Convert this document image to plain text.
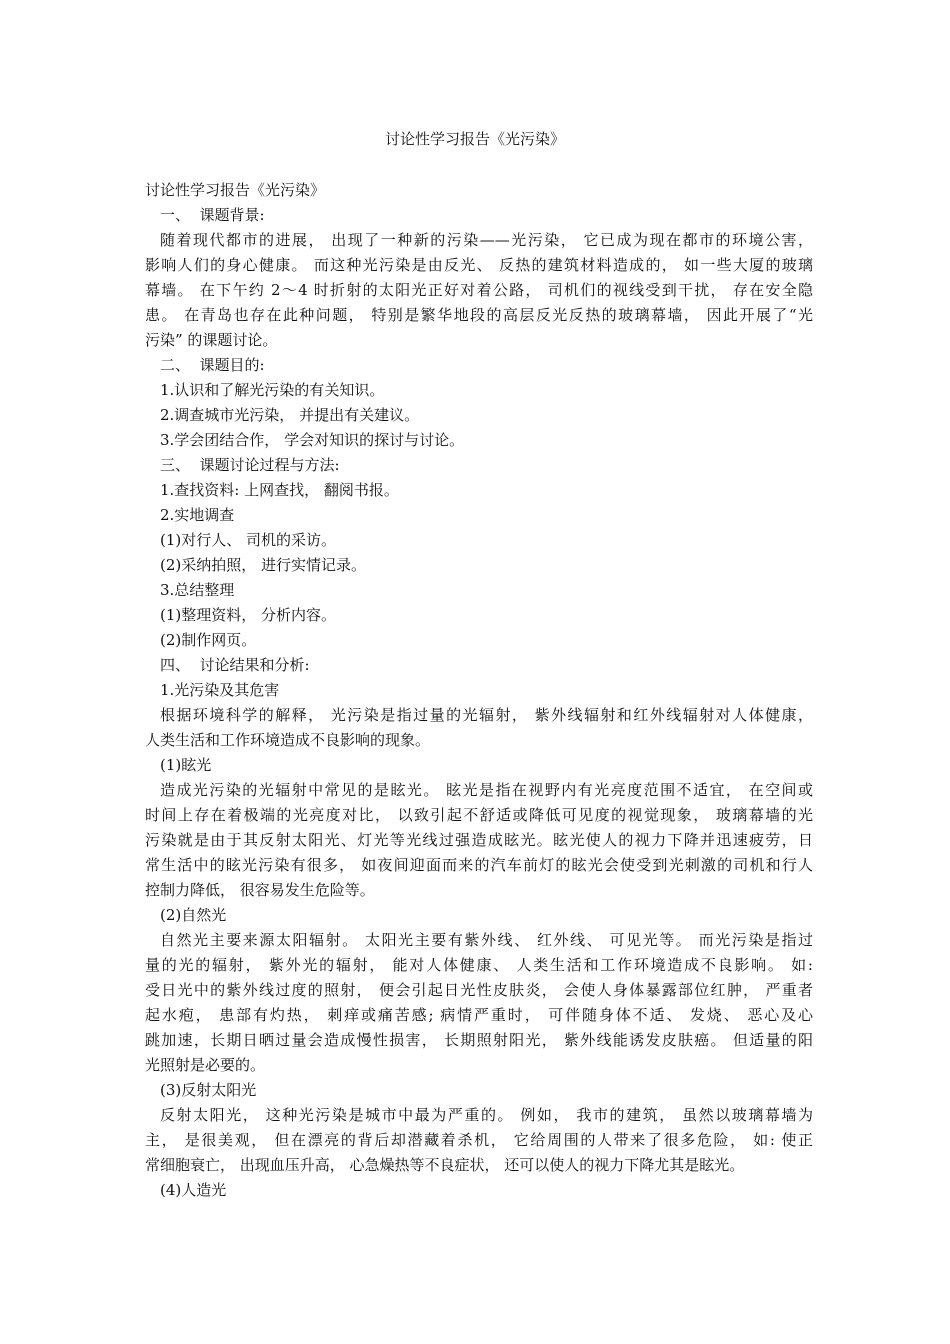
讨论性学习报告《光污染》
讨论性学习报告《光污染》
一、  课题背景:
随着现代都市的进展， 出现了一种新的污染——光污染， 它已成为现在都市的环境公害，
影响人们的身心健康。 而这种光污染是由反光、 反热的建筑材料造成的， 如一些大厦的玻璃
幕墙。 在下午约 2～4 时折射的太阳光正好对着公路， 司机们的视线受到干扰， 存在安全隐
患。 在青岛也存在此种问题， 特别是繁华地段的高层反光反热的玻璃幕墙， 因此开展了“光
污染” 的课题讨论。
二、  课题目的:
1.认识和了解光污染的有关知识。
2.调查城市光污染， 并提出有关建议。
3.学会团结合作， 学会对知识的探讨与讨论。
三、  课题讨论过程与方法:
1.查找资料: 上网查找， 翻阅书报。
2.实地调查
(1)对行人、 司机的采访。
(2)采纳拍照， 进行实情记录。
3.总结整理
(1)整理资料， 分析内容。
(2)制作网页。
四、  讨论结果和分析:
1.光污染及其危害
根据环境科学的解释， 光污染是指过量的光辐射， 紫外线辐射和红外线辐射对人体健康，
人类生活和工作环境造成不良影响的现象。
(1)眩光
造成光污染的光辐射中常见的是眩光。 眩光是指在视野内有光亮度范围不适宜， 在空间或
时间上存在着极端的光亮度对比， 以致引起不舒适或降低可见度的视觉现象， 玻璃幕墙的光
污染就是由于其反射太阳光、灯光等光线过强造成眩光。眩光使人的视力下降并迅速疲劳，日
常生活中的眩光污染有很多， 如夜间迎面而来的汽车前灯的眩光会使受到光刺激的司机和行人
控制力降低， 很容易发生危险等。
(2)自然光
自然光主要来源太阳辐射。 太阳光主要有紫外线、 红外线、 可见光等。 而光污染是指过
量的光的辐射， 紫外光的辐射， 能对人体健康、 人类生活和工作环境造成不良影响。 如:
受日光中的紫外线过度的照射， 便会引起日光性皮肤炎， 会使人身体暴露部位红肿， 严重者
起水疱， 患部有灼热， 刺痒或痛苦感; 病情严重时， 可伴随身体不适、 发烧、 恶心及心
跳加速，长期日晒过量会造成慢性损害， 长期照射阳光， 紫外线能诱发皮肤癌。 但适量的阳
光照射是必要的。
(3)反射太阳光
反射太阳光， 这种光污染是城市中最为严重的。 例如， 我市的建筑， 虽然以玻璃幕墙为
主， 是很美观， 但在漂亮的背后却潜藏着杀机， 它给周围的人带来了很多危险， 如: 使正
常细胞衰亡， 出现血压升高， 心急燥热等不良症状， 还可以使人的视力下降尤其是眩光。
(4)人造光
